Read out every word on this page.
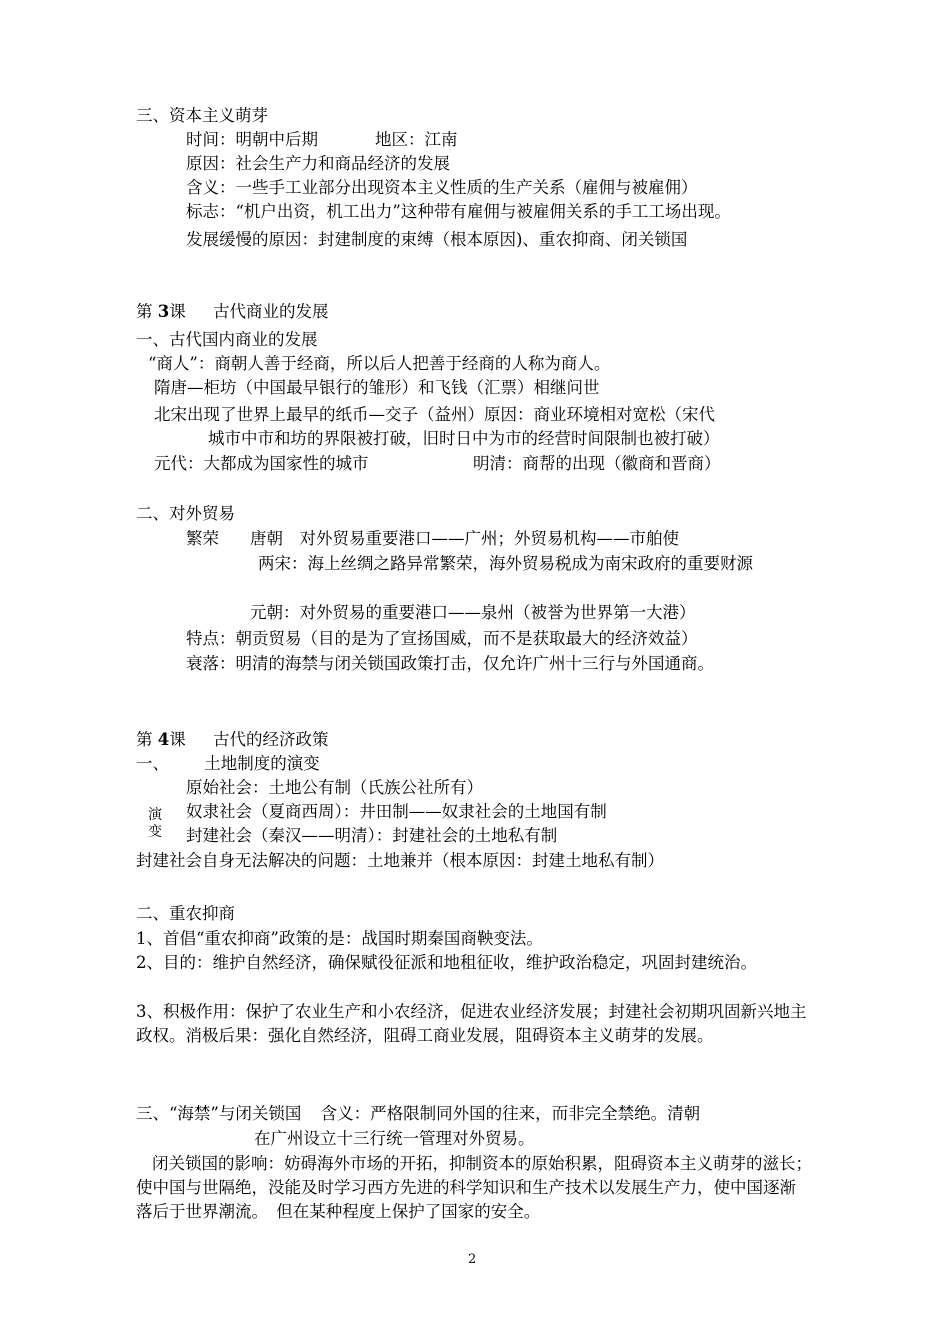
三、资本主义萌芽
时间：明朝中后期	地区：江南
原因：社会生产力和商品经济的发展
含义：一些手工业部分出现资本主义性质的生产关系（雇佣与被雇佣）
标志：“机户出资，机工出力”这种带有雇佣与被雇佣关系的手工工场出现。
发展缓慢的原因：封建制度的束缚（根本原因)、重农抑商、闭关锁国
第 3课 古代商业的发展
一、古代国内商业的发展
“商人”：商朝人善于经商，所以后人把善于经商的人称为商人。
隋唐—柜坊（中国最早银行的雏形）和飞钱（汇票）相继问世
北宋出现了世界上最早的纸币—交子（益州）原因：商业环境相对宽松（宋代
城市中市和坊的界限被打破，旧时日中为市的经营时间限制也被打破）
元代：大都成为国家性的城市	明清：商帮的出现（徽商和晋商）
二、对外贸易
繁荣 唐朝　对外贸易重要港口——广州；外贸易机构——市舶使
两宋：海上丝绸之路异常繁荣，海外贸易税成为南宋政府的重要财源
元朝：对外贸易的重要港口——泉州（被誉为世界第一大港）
特点：朝贡贸易（目的是为了宣扬国威，而不是获取最大的经济效益）
衰落：明清的海禁与闭关锁国政策打击，仅允许广州十三行与外国通商。
第 4课 古代的经济政策
一、 土地制度的演变
原始社会：土地公有制（氏族公社所有）
演
变
奴隶社会（夏商西周）：井田制——奴隶社会的土地国有制
封建社会（秦汉——明清）：封建社会的土地私有制
封建社会自身无法解决的问题：土地兼并（根本原因：封建土地私有制）
二、重农抑商
1、首倡“重农抑商”政策的是：战国时期秦国商鞅变法。
2、目的：维护自然经济，确保赋役征派和地租征收，维护政治稳定，巩固封建统治。
3、积极作用：保护了农业生产和小农经济，促进农业经济发展；封建社会初期巩固新兴地主政权。消极后果：强化自然经济，阻碍工商业发展，阻碍资本主义萌芽的发展。
三、“海禁”与闭关锁国 含义：严格限制同外国的往来，而非完全禁绝。清朝
在广州设立十三行统一管理对外贸易。
闭关锁国的影响：妨碍海外市场的开拓，抑制资本的原始积累，阻碍资本主义萌芽的滋长；使中国与世隔绝，没能及时学习西方先进的科学知识和生产技术以发展生产力，使中国逐渐落后于世界潮流。　但在某种程度上保护了国家的安全。
2
